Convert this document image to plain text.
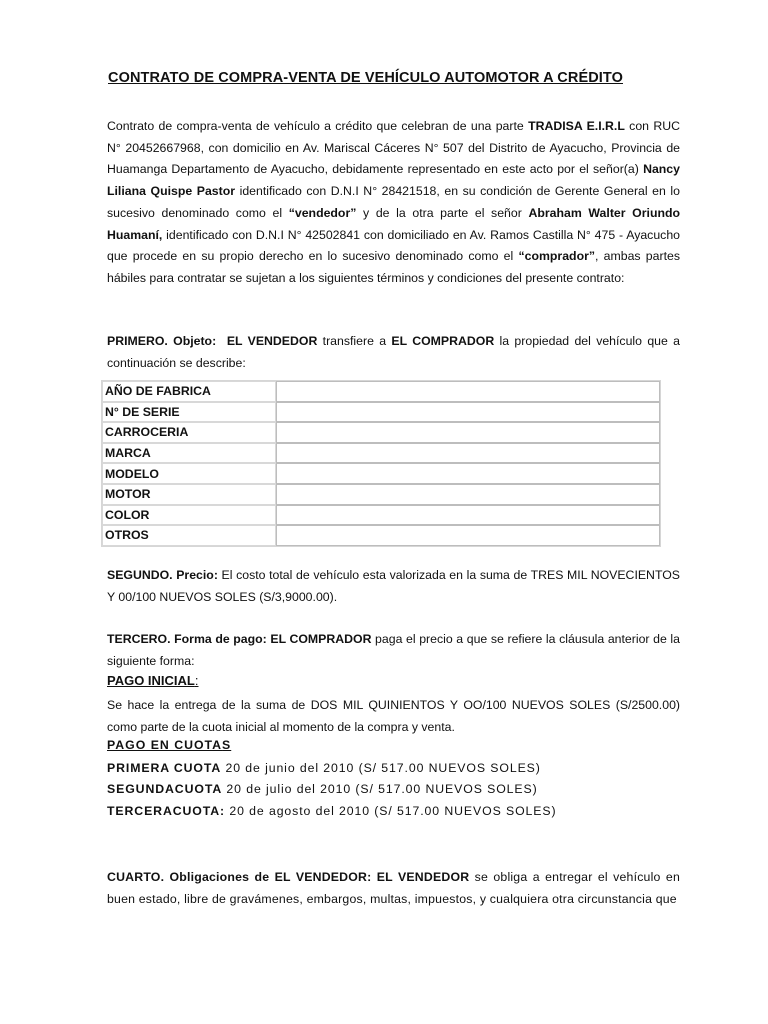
CONTRATO DE COMPRA-VENTA DE VEHÍCULO AUTOMOTOR A CRÉDITO
Contrato de compra-venta de vehículo a crédito que celebran de una parte TRADISA E.I.R.L con RUC N° 20452667968, con domicilio en Av. Mariscal Cáceres N° 507 del Distrito de Ayacucho, Provincia de Huamanga Departamento de Ayacucho, debidamente representado en este acto por el señor(a) Nancy Liliana Quispe Pastor identificado con D.N.I N° 28421518, en su condición de Gerente General en lo sucesivo denominado como el “vendedor” y de la otra parte el señor Abraham Walter Oriundo Huamaní, identificado con D.N.I N° 42502841 con domiciliado en Av. Ramos Castilla N° 475 - Ayacucho que procede en su propio derecho en lo sucesivo denominado como el “comprador”, ambas partes hábiles para contratar se sujetan a los siguientes términos y condiciones del presente contrato:
PRIMERO. Objeto: EL VENDEDOR transfiere a EL COMPRADOR la propiedad del vehículo que a continuación se describe:
AÑO DE FABRICA	
N° DE SERIE	
CARROCERIA	
MARCA	
MODELO	
MOTOR	
COLOR	
OTROS	
SEGUNDO. Precio: El costo total de vehículo esta valorizada en la suma de TRES MIL NOVECIENTOS Y 00/100 NUEVOS SOLES (S/3,9000.00).
TERCERO. Forma de pago: EL COMPRADOR paga el precio a que se refiere la cláusula anterior de la siguiente forma:
PAGO INICIAL:
Se hace la entrega de la suma de DOS MIL QUINIENTOS Y OO/100 NUEVOS SOLES (S/2500.00) como parte de la cuota inicial al momento de la compra y venta.
PAGO EN CUOTAS
PRIMERA CUOTA 20 de junio del 2010 (S/ 517.00 NUEVOS SOLES)
SEGUNDACUOTA 20 de julio del 2010 (S/ 517.00 NUEVOS SOLES)
TERCERACUOTA: 20 de agosto del 2010 (S/ 517.00 NUEVOS SOLES)
CUARTO. Obligaciones de EL VENDEDOR: EL VENDEDOR se obliga a entregar el vehículo en buen estado, libre de gravámenes, embargos, multas, impuestos, y cualquiera otra circunstancia que
